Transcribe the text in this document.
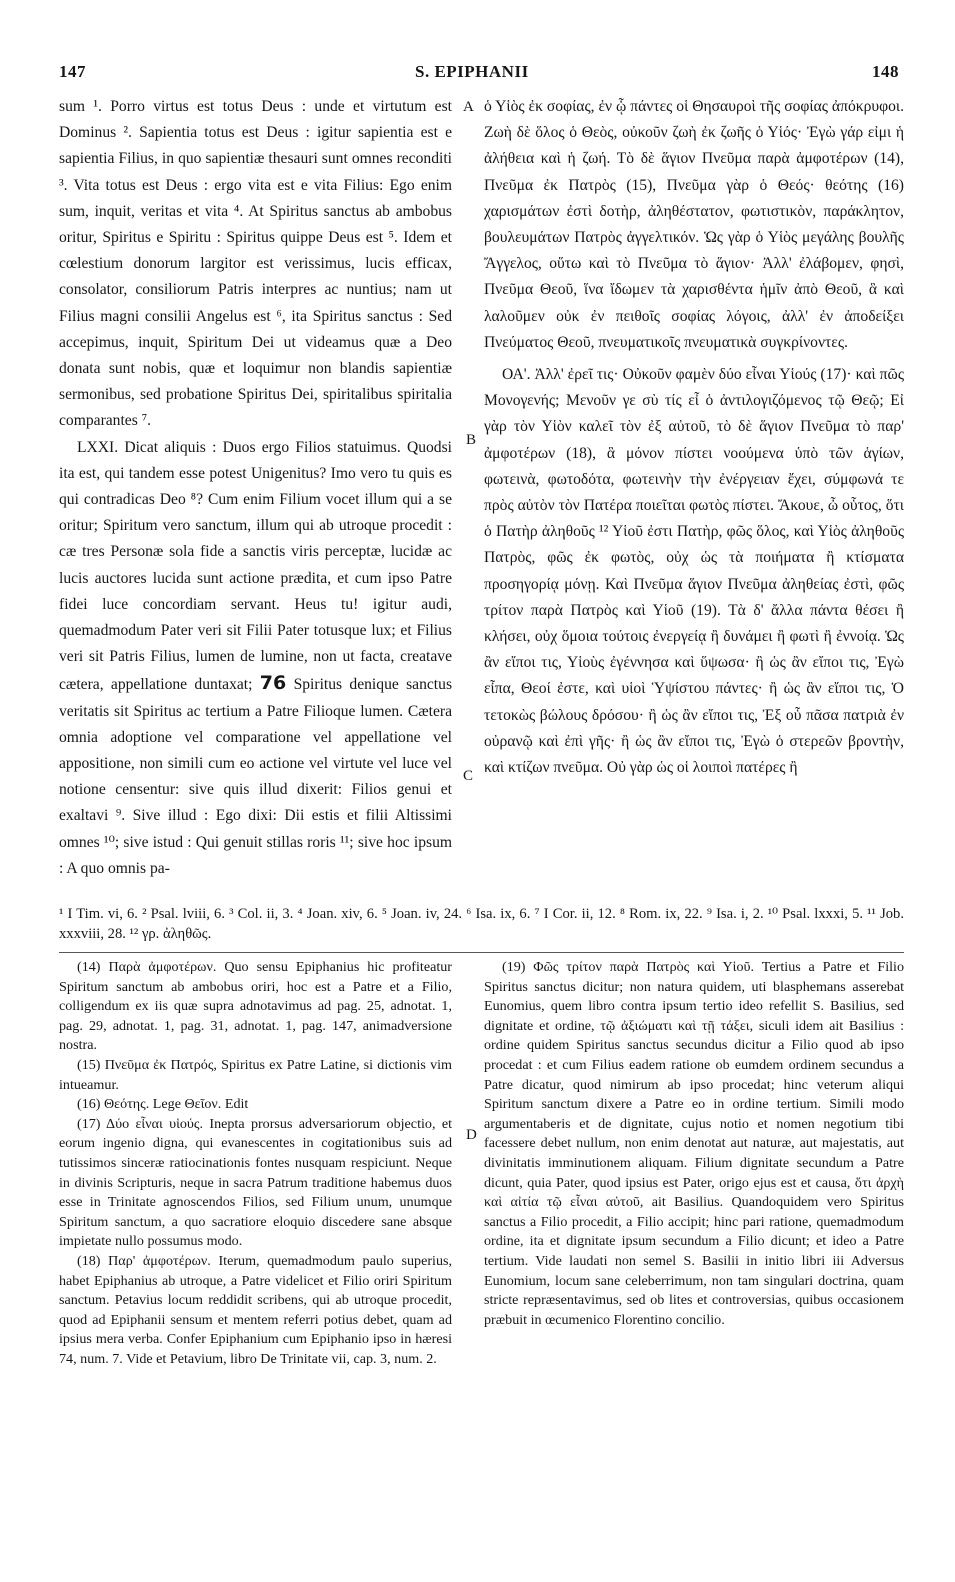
147	S. EPIPHANII	148
A
B
C
D

sum ¹. Porro virtus est totus Deus : unde et virtutum est Dominus ². Sapientia totus est Deus : igitur sapientia est e sapientia Filius, in quo sapientiæ thesauri sunt omnes reconditi ³. Vita totus est Deus : ergo vita est e vita Filius: Ego enim sum, inquit, veritas et vita ⁴. At Spiritus sanctus ab ambobus oritur, Spiritus e Spiritu : Spiritus quippe Deus est ⁵. Idem et cœlestium donorum largitor est verissimus, lucis efficax, consolator, consiliorum Patris interpres ac nuntius; nam ut Filius magni consilii Angelus est ⁶, ita Spiritus sanctus : Sed accepimus, inquit, Spiritum Dei ut videamus quæ a Deo donata sunt nobis, quæ et loquimur non blandis sapientiæ sermonibus, sed probatione Spiritus Dei, spiritalibus spiritalia comparantes ⁷.

LXXI. Dicat aliquis : Duos ergo Filios statuimus. Quodsi ita est, qui tandem esse potest Unigenitus? Imo vero tu quis es qui contradicas Deo ⁸? Cum enim Filium vocet illum qui a se oritur; Spiritum vero sanctum, illum qui ab utroque procedit : cæ tres Personæ sola fide a sanctis viris perceptæ, lucidæ ac lucis auctores lucida sunt actione prædita, et cum ipso Patre fidei luce concordiam servant. Heus tu! igitur audi, quemadmodum Pater veri sit Filii Pater totusque lux; et Filius veri sit Patris Filius, lumen de lumine, non ut facta, creatave cætera, appellatione duntaxat; 76 Spiritus denique sanctus veritatis sit Spiritus ac tertium a Patre Filioque lumen. Cætera omnia adoptione vel comparatione vel appellatione vel appositione, non simili cum eo actione vel virtute vel luce vel notione censentur: sive quis illud dixerit: Filios genui et exaltavi ⁹. Sive illud : Ego dixi: Dii estis et filii Altissimi omnes ¹⁰; sive istud : Qui genuit stillas roris ¹¹; sive hoc ipsum : A quo omnis pa-

ὁ Υἱὸς ἐκ σοφίας, ἐν ᾧ πάντες οἱ Θησαυροὶ τῆς σοφίας ἀπόκρυφοι. Ζωὴ δὲ ὅλος ὁ Θεὸς, οὐκοῦν ζωὴ ἐκ ζωῆς ὁ Υἱός· Ἐγὼ γάρ εἰμι ἡ ἀλήθεια καὶ ἡ ζωή. Τὸ δὲ ἅγιον Πνεῦμα παρὰ ἀμφοτέρων (14), Πνεῦμα ἐκ Πατρὸς (15), Πνεῦμα γὰρ ὁ Θεός· θεότης (16) χαρισμάτων ἐστὶ δοτὴρ, ἀληθέστατον, φωτιστικὸν, παράκλητον, βουλευμάτων Πατρὸς ἀγγελτικόν. Ὡς γὰρ ὁ Υἱὸς μεγάλης βουλῆς Ἄγγελος, οὕτω καὶ τὸ Πνεῦμα τὸ ἅγιον· Ἀλλ' ἐλάβομεν, φησὶ, Πνεῦμα Θεοῦ, ἵνα ἴδωμεν τὰ χαρισθέντα ἡμῖν ἀπὸ Θεοῦ, ἃ καὶ λαλοῦμεν οὐκ ἐν πειθοῖς σοφίας λόγοις, ἀλλ' ἐν ἀποδείξει Πνεύματος Θεοῦ, πνευματικοῖς πνευματικὰ συγκρίνοντες.

ΟΑ'. Ἀλλ' ἐρεῖ τις· Οὐκοῦν φαμὲν δύο εἶναι Υἱούς (17)· καὶ πῶς Μονογενής; Μενοῦν γε σὺ τίς εἶ ὁ ἀντιλογιζόμενος τῷ Θεῷ; Εἰ γὰρ τὸν Υἱὸν καλεῖ τὸν ἐξ αὐτοῦ, τὸ δὲ ἅγιον Πνεῦμα τὸ παρ' ἀμφοτέρων (18), ἃ μόνον πίστει νοούμενα ὑπὸ τῶν ἁγίων, φωτεινὰ, φωτοδότα, φωτεινὴν τὴν ἐνέργειαν ἔχει, σύμφωνά τε πρὸς αὐτὸν τὸν Πατέρα ποιεῖται φωτὸς πίστει. Ἄκουε, ὦ οὗτος, ὅτι ὁ Πατὴρ ἀληθοῦς ¹² Υἱοῦ ἐστι Πατὴρ, φῶς ὅλος, καὶ Υἱὸς ἀληθοῦς Πατρὸς, φῶς ἐκ φωτὸς, οὐχ ὡς τὰ ποιήματα ἢ κτίσματα προσηγορίᾳ μόνῃ. Καὶ Πνεῦμα ἅγιον Πνεῦμα ἀληθείας ἐστὶ, φῶς τρίτον παρὰ Πατρὸς καὶ Υἱοῦ (19). Τὰ δ' ἄλλα πάντα θέσει ἢ κλήσει, οὐχ ὅμοια τούτοις ἐνεργείᾳ ἢ δυνάμει ἢ φωτὶ ἢ ἐννοίᾳ. Ὡς ἂν εἴποι τις, Υἱοὺς ἐγέννησα καὶ ὕψωσα· ἢ ὡς ἂν εἴποι τις, Ἐγὼ εἶπα, Θεοί ἐστε, καὶ υἱοὶ Ὑψίστου πάντες· ἢ ὡς ἂν εἴποι τις, Ὁ τετοκὼς βώλους δρόσου· ἢ ὡς ἂν εἴποι τις, Ἐξ οὗ πᾶσα πατριὰ ἐν οὐρανῷ καὶ ἐπὶ γῆς· ἢ ὡς ἂν εἴποι τις, Ἐγὼ ὁ στερεῶν βροντὴν, καὶ κτίζων πνεῦμα. Οὐ γὰρ ὡς οἱ λοιποὶ πατέρες ἢ

¹ I Tim. vi, 6. ² Psal. lviii, 6. ³ Col. ii, 3. ⁴ Joan. xiv, 6. ⁵ Joan. iv, 24. ⁶ Isa. ix, 6. ⁷ I Cor. ii, 12. ⁸ Rom. ix, 22. ⁹ Isa. i, 2. ¹⁰ Psal. lxxxi, 5. ¹¹ Job. xxxviii, 28. ¹² γρ. ἀληθῶς.

(14) Παρὰ ἀμφοτέρων. Quo sensu Epiphanius hic profiteatur Spiritum sanctum ab ambobus oriri, hoc est a Patre et a Filio, colligendum ex iis quæ supra adnotavimus ad pag. 25, adnotat. 1, pag. 29, adnotat. 1, pag. 31, adnotat. 1, pag. 147, animadversione nostra.

(15) Πνεῦμα ἐκ Πατρός, Spiritus ex Patre Latine, si dictionis vim intueamur.

(16) Θεότης. Lege Θεῖον. Edit

(17) Δύο εἶναι υἱούς. Inepta prorsus adversariorum objectio, et eorum ingenio digna, qui evanescentes in cogitationibus suis ad tutissimos sinceræ ratiocinationis fontes nusquam respiciunt. Neque in divinis Scripturis, neque in sacra Patrum traditione habemus duos esse in Trinitate agnoscendos Filios, sed Filium unum, unumque Spiritum sanctum, a quo sacratiore eloquio discedere sane absque impietate nullo possumus modo.

(18) Παρ' ἀμφοτέρων. Iterum, quemadmodum paulo superius, habet Epiphanius ab utroque, a Patre videlicet et Filio oriri Spiritum sanctum. Petavius locum reddidit scribens, qui ab utroque procedit, quod ad Epiphanii sensum et mentem referri potius debet, quam ad ipsius mera verba. Confer Epiphanium cum Epiphanio ipso in hæresi 74, num. 7. Vide et Petavium, libro De Trinitate vii, cap. 3, num. 2.

(19) Φῶς τρίτον παρὰ Πατρὸς καὶ Υἱοῦ. Tertius a Patre et Filio Spiritus sanctus dicitur; non natura quidem, uti blasphemans asserebat Eunomius, quem libro contra ipsum tertio ideo refellit S. Basilius, sed dignitate et ordine, τῷ ἀξιώματι καὶ τῇ τάξει, siculi idem ait Basilius : ordine quidem Spiritus sanctus secundus dicitur a Filio quod ab ipso procedat : et cum Filius eadem ratione ob eumdem ordinem secundus a Patre dicatur, quod nimirum ab ipso procedat; hinc veterum aliqui Spiritum sanctum dixere a Patre eo in ordine tertium. Simili modo argumentaberis et de dignitate, cujus notio et nomen negotium tibi facessere debet nullum, non enim denotat aut naturæ, aut majestatis, aut divinitatis imminutionem aliquam. Filium dignitate secundum a Patre dicunt, quia Pater, quod ipsius est Pater, origo ejus est et causa, ὅτι ἀρχὴ καὶ αἰτία τῷ εἶναι αὐτοῦ, ait Basilius. Quandoquidem vero Spiritus sanctus a Filio procedit, a Filio accipit; hinc pari ratione, quemadmodum ordine, ita et dignitate ipsum secundum a Filio dicunt; et ideo a Patre tertium. Vide laudati non semel S. Basilii in initio libri iii Adversus Eunomium, locum sane celeberrimum, non tam singulari doctrina, quam stricte repræsentavimus, sed ob lites et controversias, quibus occasionem præbuit in œcumenico Florentino concilio.
